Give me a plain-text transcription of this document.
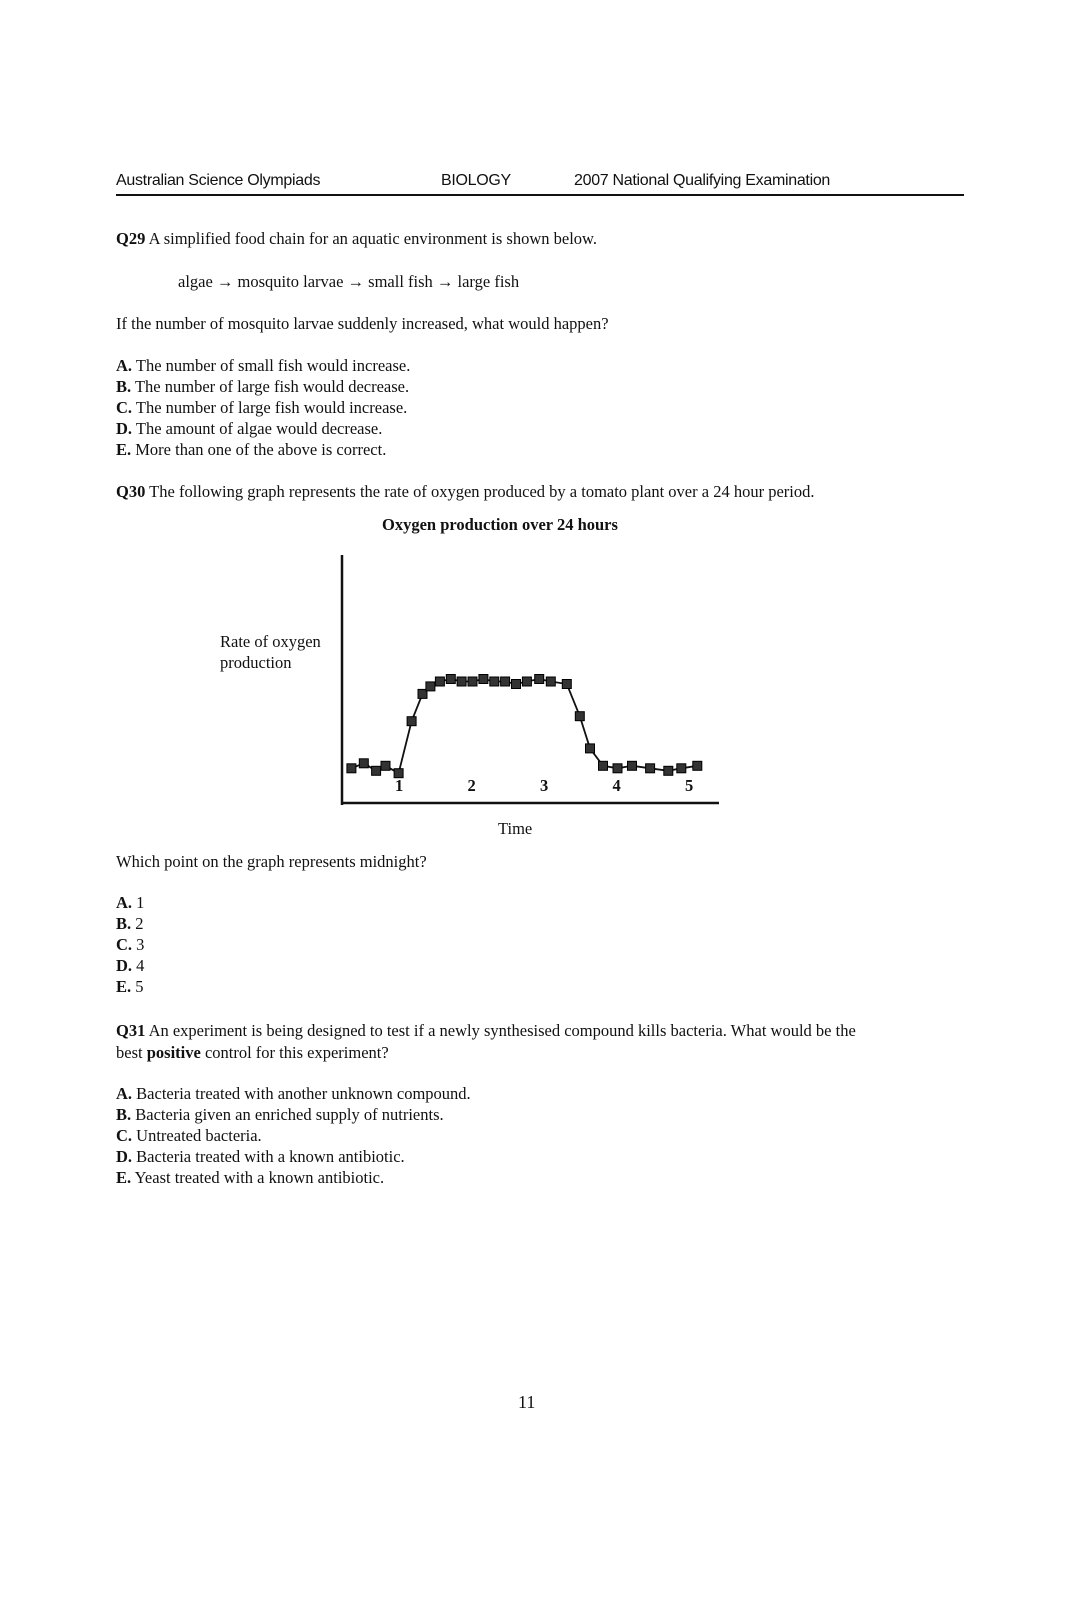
Australian Science Olympiads	BIOLOGY	2007 National Qualifying Examination
Q29 A simplified food chain for an aquatic environment is shown below.
algae → mosquito larvae → small fish → large fish
If the number of mosquito larvae suddenly increased, what would happen?
A. The number of small fish would increase.
B. The number of large fish would decrease.
C. The number of large fish would increase.
D. The amount of algae would decrease.
E. More than one of the above is correct.
Q30 The following graph represents the rate of oxygen produced by a tomato plant over a 24 hour period.
Oxygen production over 24 hours
Rate of oxygen
production
Time
1	2	3	4	5
Which point on the graph represents midnight?
A. 1
B. 2
C. 3
D. 4
E. 5
Q31 An experiment is being designed to test if a newly synthesised compound kills bacteria. What would be the
best positive control for this experiment?
A. Bacteria treated with another unknown compound.
B. Bacteria given an enriched supply of nutrients.
C. Untreated bacteria.
D. Bacteria treated with a known antibiotic.
E. Yeast treated with a known antibiotic.
11
